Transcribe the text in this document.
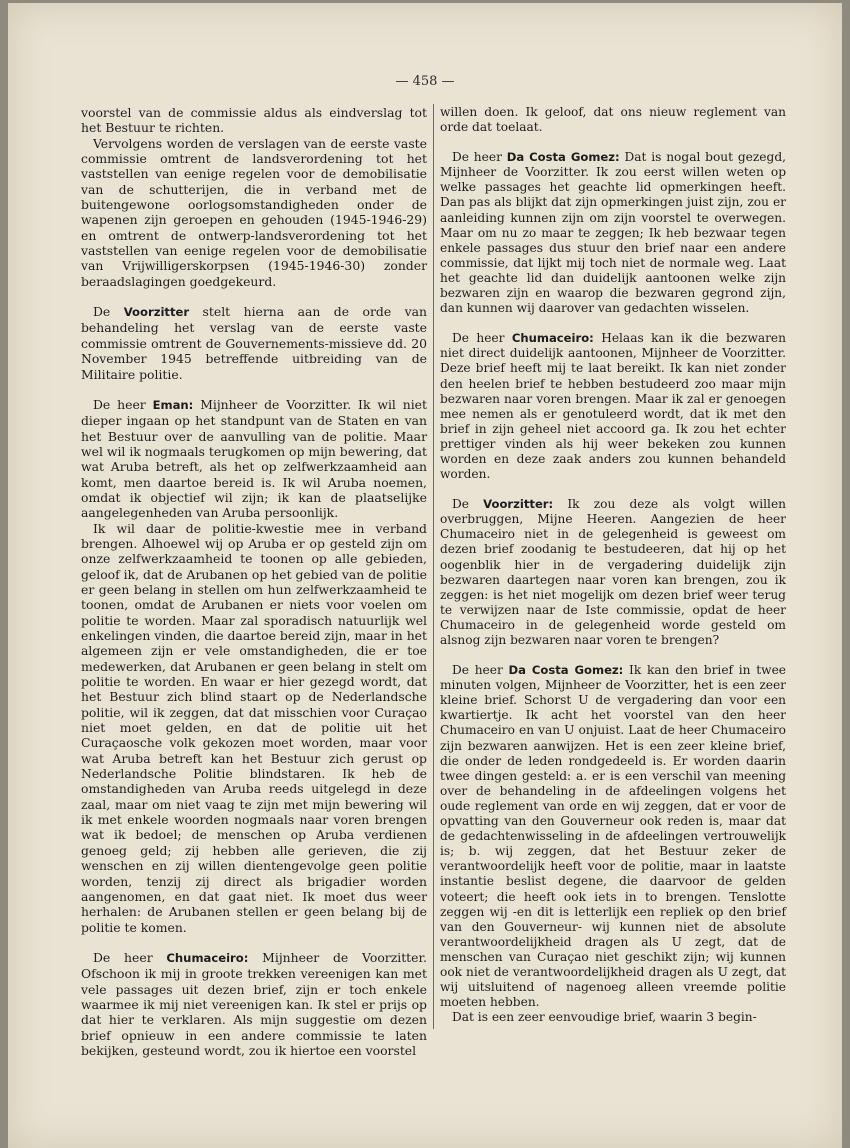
— 458 —

voorstel van de commissie aldus als eindverslag tot het Bestuur te richten.

Vervolgens worden de verslagen van de eerste vaste commissie omtrent de landsverordening tot het vaststellen van eenige regelen voor de demobilisatie van de schutterijen, die in verband met de buitengewone oorlogsomstandigheden onder de wapenen zijn geroepen en gehouden (1945-1946-29) en omtrent de ontwerp-landsverordening tot het vaststellen van eenige regelen voor de demobilisatie van Vrijwilligerskorpsen (1945-1946-30) zonder beraadslagingen goedgekeurd.

De Voorzitter stelt hierna aan de orde van behandeling het verslag van de eerste vaste commissie omtrent de Gouvernements-missieve dd. 20 November 1945 betreffende uitbreiding van de Militaire politie.

De heer Eman: Mijnheer de Voorzitter. Ik wil niet dieper ingaan op het standpunt van de Staten en van het Bestuur over de aanvulling van de politie. Maar wel wil ik nogmaals terugkomen op mijn bewering, dat wat Aruba betreft, als het op zelfwerkzaamheid aan komt, men daartoe bereid is. Ik wil Aruba noemen, omdat ik objectief wil zijn; ik kan de plaatselijke aangelegenheden van Aruba persoonlijk.

Ik wil daar de politie-kwestie mee in verband brengen. Alhoewel wij op Aruba er op gesteld zijn om onze zelfwerkzaamheid te toonen op alle gebieden, geloof ik, dat de Arubanen op het gebied van de politie er geen belang in stellen om hun zelfwerkzaamheid te toonen, omdat de Arubanen er niets voor voelen om politie te worden. Maar zal sporadisch natuurlijk wel enkelingen vinden, die daartoe bereid zijn, maar in het algemeen zijn er vele omstandigheden, die er toe medewerken, dat Arubanen er geen belang in stelt om politie te worden. En waar er hier gezegd wordt, dat het Bestuur zich blind staart op de Nederlandsche politie, wil ik zeggen, dat dat misschien voor Curaçao niet moet gelden, en dat de politie uit het Curaçaosche volk gekozen moet worden, maar voor wat Aruba betreft kan het Bestuur zich gerust op Nederlandsche Politie blindstaren. Ik heb de omstandigheden van Aruba reeds uitgelegd in deze zaal, maar om niet vaag te zijn met mijn bewering wil ik met enkele woorden nogmaals naar voren brengen wat ik bedoel; de menschen op Aruba verdienen genoeg geld; zij hebben alle gerieven, die zij wenschen en zij willen dientengevolge geen politie worden, tenzij zij direct als brigadier worden aangenomen, en dat gaat niet. Ik moet dus weer herhalen: de Arubanen stellen er geen belang bij de politie te komen.

De heer Chumaceiro: Mijnheer de Voorzitter. Ofschoon ik mij in groote trekken vereenigen kan met vele passages uit dezen brief, zijn er toch enkele waarmee ik mij niet vereenigen kan. Ik stel er prijs op dat hier te verklaren. Als mijn suggestie om dezen brief opnieuw in een andere commissie te laten bekijken, gesteund wordt, zou ik hiertoe een voorstel

willen doen. Ik geloof, dat ons nieuw reglement van orde dat toelaat.

De heer Da Costa Gomez: Dat is nogal bout gezegd, Mijnheer de Voorzitter. Ik zou eerst willen weten op welke passages het geachte lid opmerkingen heeft. Dan pas als blijkt dat zijn opmerkingen juist zijn, zou er aanleiding kunnen zijn om zijn voorstel te overwegen. Maar om nu zo maar te zeggen; Ik heb bezwaar tegen enkele passages dus stuur den brief naar een andere commissie, dat lijkt mij toch niet de normale weg. Laat het geachte lid dan duidelijk aantoonen welke zijn bezwaren zijn en waarop die bezwaren gegrond zijn, dan kunnen wij daarover van gedachten wisselen.

De heer Chumaceiro: Helaas kan ik die bezwaren niet direct duidelijk aantoonen, Mijnheer de Voorzitter. Deze brief heeft mij te laat bereikt. Ik kan niet zonder den heelen brief te hebben bestudeerd zoo maar mijn bezwaren naar voren brengen. Maar ik zal er genoegen mee nemen als er genotuleerd wordt, dat ik met den brief in zijn geheel niet accoord ga. Ik zou het echter prettiger vinden als hij weer bekeken zou kunnen worden en deze zaak anders zou kunnen behandeld worden.

De Voorzitter: Ik zou deze als volgt willen overbruggen, Mijne Heeren. Aangezien de heer Chumaceiro niet in de gelegenheid is geweest om dezen brief zoodanig te bestudeeren, dat hij op het oogenblik hier in de vergadering duidelijk zijn bezwaren daartegen naar voren kan brengen, zou ik zeggen: is het niet mogelijk om dezen brief weer terug te verwijzen naar de Iste commissie, opdat de heer Chumaceiro in de gelegenheid worde gesteld om alsnog zijn bezwaren naar voren te brengen?

De heer Da Costa Gomez: Ik kan den brief in twee minuten volgen, Mijnheer de Voorzitter, het is een zeer kleine brief. Schorst U de vergadering dan voor een kwartiertje. Ik acht het voorstel van den heer Chumaceiro en van U onjuist. Laat de heer Chumaceiro zijn bezwaren aanwijzen. Het is een zeer kleine brief, die onder de leden rondgedeeld is. Er worden daarin twee dingen gesteld: a. er is een verschil van meening over de behandeling in de afdeelingen volgens het oude reglement van orde en wij zeggen, dat er voor de opvatting van den Gouverneur ook reden is, maar dat de gedachtenwisseling in de afdeelingen vertrouwelijk is; b. wij zeggen, dat het Bestuur zeker de verantwoordelijk heeft voor de politie, maar in laatste instantie beslist degene, die daarvoor de gelden voteert; die heeft ook iets in to brengen. Tenslotte zeggen wij -en dit is letterlijk een repliek op den brief van den Gouverneur- wij kunnen niet de absolute verantwoordelijkheid dragen als U zegt, dat de menschen van Curaçao niet geschikt zijn; wij kunnen ook niet de verantwoordelijkheid dragen als U zegt, dat wij uitsluitend of nagenoeg alleen vreemde politie moeten hebben.

Dat is een zeer eenvoudige brief, waarin 3 begin-
